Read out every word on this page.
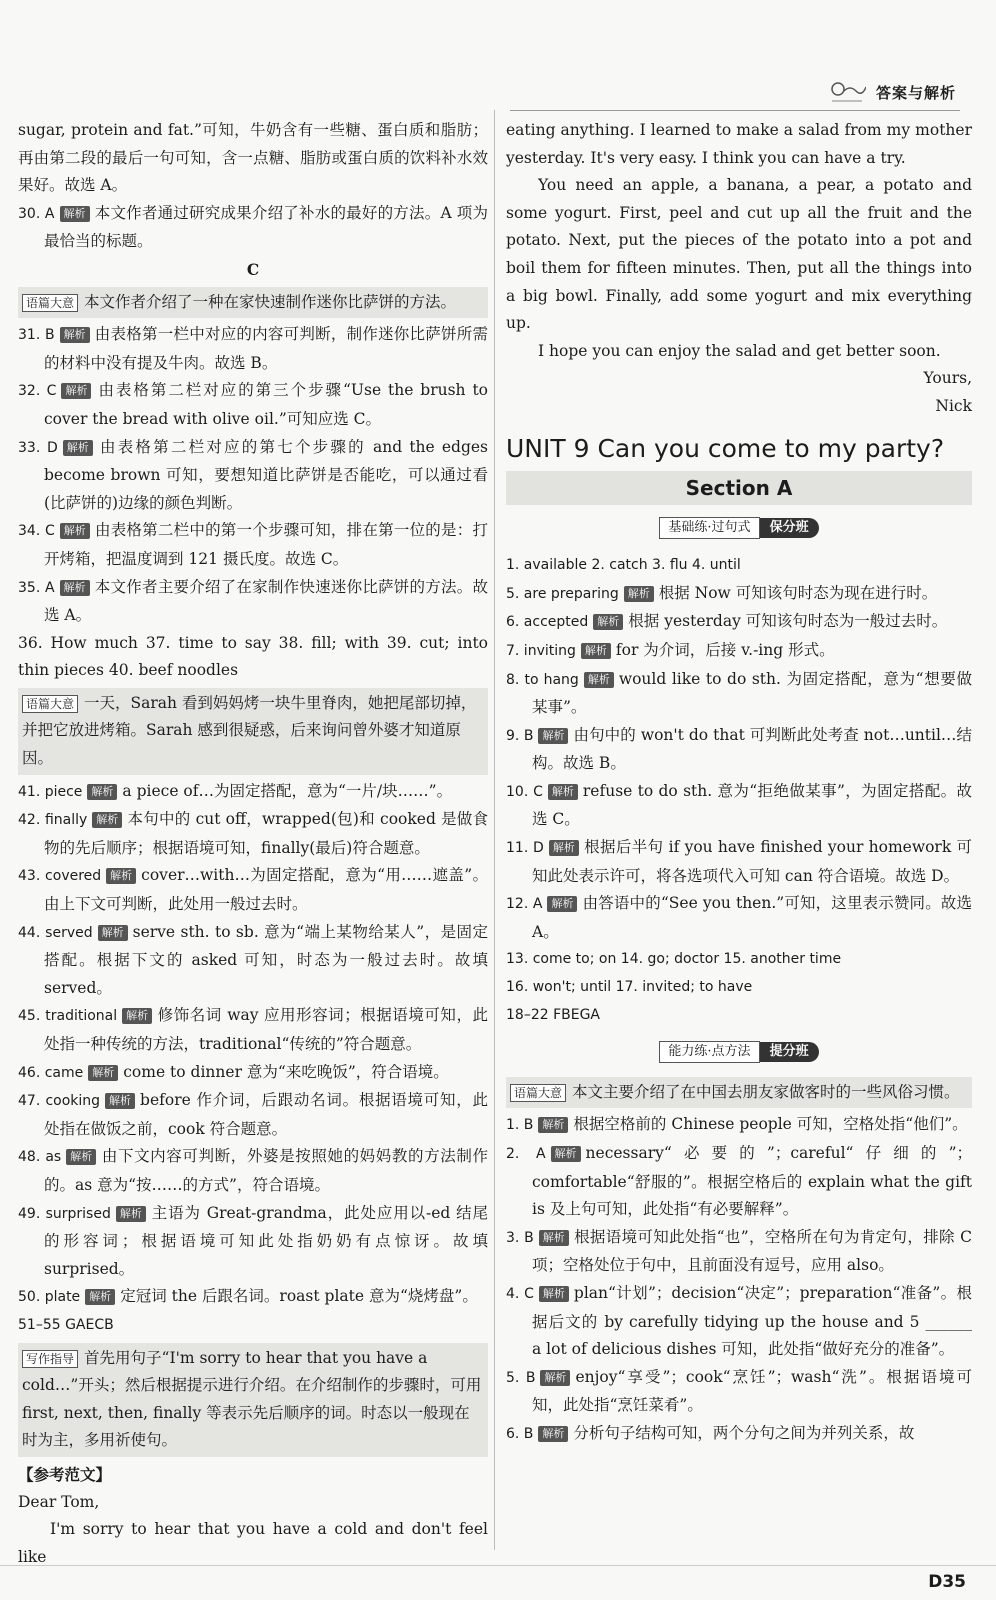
答案与解析
sugar, protein and fat.”可知，牛奶含有一些糖、蛋白质和脂肪；再由第二段的最后一句可知，含一点糖、脂肪或蛋白质的饮料补水效果好。故选 A。
30. A 解析 本文作者通过研究成果介绍了补水的最好的方法。A 项为最恰当的标题。
C
语篇大意 本文作者介绍了一种在家快速制作迷你比萨饼的方法。
31. B 解析 由表格第一栏中对应的内容可判断，制作迷你比萨饼所需的材料中没有提及牛肉。故选 B。
32. C 解析 由表格第二栏对应的第三个步骤“Use the brush to cover the bread with olive oil.”可知应选 C。
33. D 解析 由表格第二栏对应的第七个步骤的 and the edges become brown 可知，要想知道比萨饼是否能吃，可以通过看(比萨饼的)边缘的颜色判断。
34. C 解析 由表格第二栏中的第一个步骤可知，排在第一位的是：打开烤箱，把温度调到 121 摄氏度。故选 C。
35. A 解析 本文作者主要介绍了在家制作快速迷你比萨饼的方法。故选 A。
36. How much 37. time to say 38. fill; with 39. cut; into thin pieces 40. beef noodles
语篇大意 一天，Sarah 看到妈妈烤一块牛里脊肉，她把尾部切掉，并把它放进烤箱。Sarah 感到很疑惑，后来询问曾外婆才知道原因。
41. piece 解析 a piece of…为固定搭配，意为“一片/块……”。
42. finally 解析 本句中的 cut off，wrapped(包)和 cooked 是做食物的先后顺序；根据语境可知，finally(最后)符合题意。
43. covered 解析 cover…with…为固定搭配，意为“用……遮盖”。由上下文可判断，此处用一般过去时。
44. served 解析 serve sth. to sb. 意为“端上某物给某人”，是固定搭配。根据下文的 asked 可知，时态为一般过去时。故填 served。
45. traditional 解析 修饰名词 way 应用形容词；根据语境可知，此处指一种传统的方法，traditional“传统的”符合题意。
46. came 解析 come to dinner 意为“来吃晚饭”，符合语境。
47. cooking 解析 before 作介词，后跟动名词。根据语境可知，此处指在做饭之前，cook 符合题意。
48. as 解析 由下文内容可判断，外婆是按照她的妈妈教的方法制作的。as 意为“按……的方式”，符合语境。
49. surprised 解析 主语为 Great-grandma，此处应用以-ed 结尾的形容词；根据语境可知此处指奶奶有点惊讶。故填 surprised。
50. plate 解析 定冠词 the 后跟名词。roast plate 意为“烧烤盘”。
51–55 GAECB
写作指导 首先用句子“I'm sorry to hear that you have a cold…”开头；然后根据提示进行介绍。在介绍制作的步骤时，可用 first, next, then, finally 等表示先后顺序的词。时态以一般现在时为主，多用祈使句。
【参考范文】
Dear Tom,
I'm sorry to hear that you have a cold and don't feel like
eating anything. I learned to make a salad from my mother yesterday. It's very easy. I think you can have a try.
You need an apple, a banana, a pear, a potato and some yogurt. First, peel and cut up all the fruit and the potato. Next, put the pieces of the potato into a pot and boil them for fifteen minutes. Then, put all the things into a big bowl. Finally, add some yogurt and mix everything up.
I hope you can enjoy the salad and get better soon.
Yours,
Nick
UNIT 9 Can you come to my party?
Section A
基础练·过句式 保分班
1. available 2. catch 3. flu 4. until
5. are preparing 解析 根据 Now 可知该句时态为现在进行时。
6. accepted 解析 根据 yesterday 可知该句时态为一般过去时。
7. inviting 解析 for 为介词，后接 v.-ing 形式。
8. to hang 解析 would like to do sth. 为固定搭配，意为“想要做某事”。
9. B 解析 由句中的 won't do that 可判断此处考查 not…until…结构。故选 B。
10. C 解析 refuse to do sth. 意为“拒绝做某事”，为固定搭配。故选 C。
11. D 解析 根据后半句 if you have finished your homework 可知此处表示许可，将各选项代入可知 can 符合语境。故选 D。
12. A 解析 由答语中的“See you then.”可知，这里表示赞同。故选 A。
13. come to; on 14. go; doctor 15. another time
16. won't; until 17. invited; to have
18–22 FBEGA
能力练·点方法 提分班
语篇大意 本文主要介绍了在中国去朋友家做客时的一些风俗习惯。
1. B 解析 根据空格前的 Chinese people 可知，空格处指“他们”。
2. A 解析 necessary“必要的”；careful“仔细的”；comfortable“舒服的”。根据空格后的 explain what the gift is 及上句可知，此处指“有必要解释”。
3. B 解析 根据语境可知此处指“也”，空格所在句为肯定句，排除 C 项；空格处位于句中，且前面没有逗号，应用 also。
4. C 解析 plan“计划”；decision“决定”；preparation“准备”。根据后文的 by carefully tidying up the house and 5 ______ a lot of delicious dishes 可知，此处指“做好充分的准备”。
5. B 解析 enjoy“享受”；cook“烹饪”；wash“洗”。根据语境可知，此处指“烹饪菜肴”。
6. B 解析 分析句子结构可知，两个分句之间为并列关系，故
D35
